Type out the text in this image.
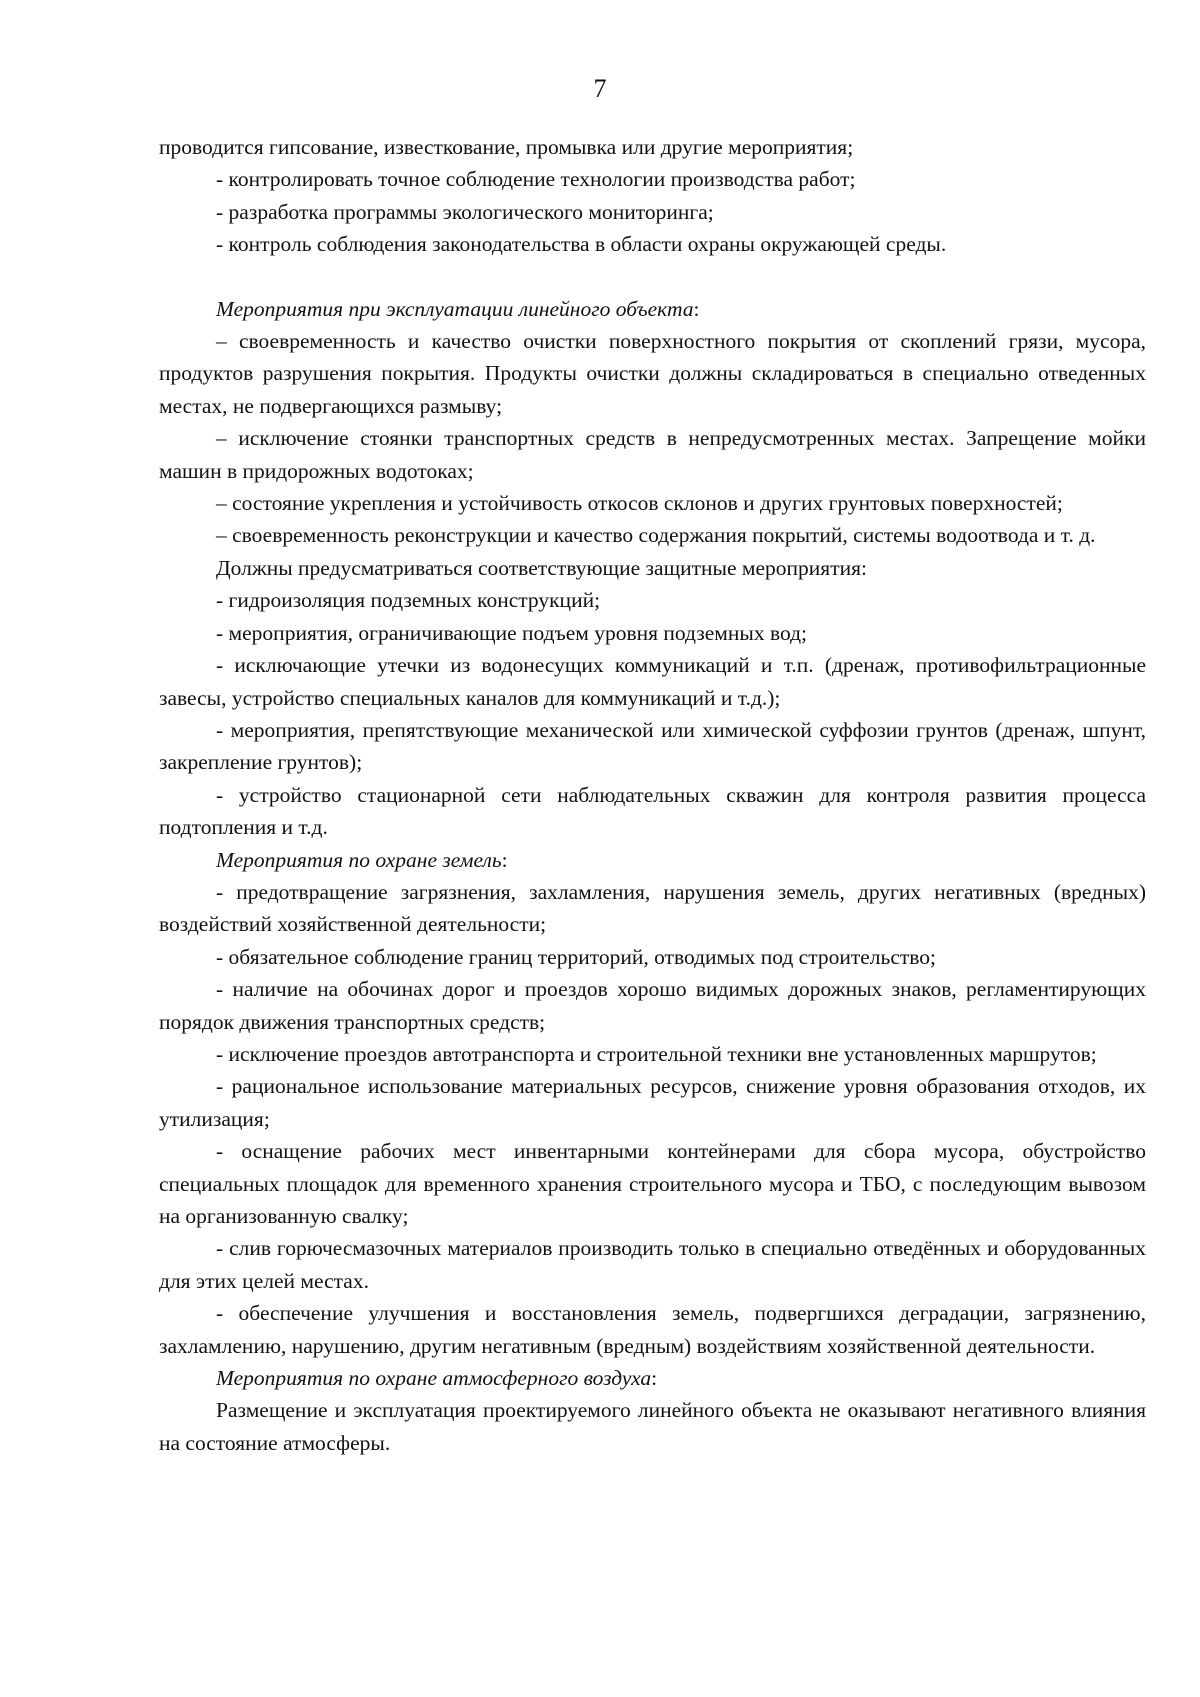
7

проводится гипсование, известкование, промывка или другие мероприятия;

- контролировать точное соблюдение технологии производства работ;

- разработка программы экологического мониторинга;

- контроль соблюдения законодательства в области охраны окружающей среды.

Мероприятия при эксплуатации линейного объекта:

– своевременность и качество очистки поверхностного покрытия от скоплений грязи, мусора, продуктов разрушения покрытия. Продукты очистки должны складироваться в специально отведенных местах, не подвергающихся размыву;

– исключение стоянки транспортных средств в непредусмотренных местах. Запрещение мойки машин в придорожных водотоках;

– состояние укрепления и устойчивость откосов склонов и других грунтовых поверхностей;

– своевременность реконструкции и качество содержания покрытий, системы водоотвода и т. д.

Должны предусматриваться соответствующие защитные мероприятия:

- гидроизоляция подземных конструкций;

- мероприятия, ограничивающие подъем уровня подземных вод;

- исключающие утечки из водонесущих коммуникаций и т.п. (дренаж, противофильтрационные завесы, устройство специальных каналов для коммуникаций и т.д.);

- мероприятия, препятствующие механической или химической суффозии грунтов (дренаж, шпунт, закрепление грунтов);

- устройство стационарной сети наблюдательных скважин для контроля развития процесса подтопления и т.д.

Мероприятия по охране земель:

- предотвращение загрязнения, захламления, нарушения земель, других негативных (вредных) воздействий хозяйственной деятельности;

- обязательное соблюдение границ территорий, отводимых под строительство;

- наличие на обочинах дорог и проездов хорошо видимых дорожных знаков, регламентирующих порядок движения транспортных средств;

- исключение проездов автотранспорта и строительной техники вне установленных маршрутов;

- рациональное использование материальных ресурсов, снижение уровня образования отходов, их утилизация;

- оснащение рабочих мест инвентарными контейнерами для сбора мусора, обустройство специальных площадок для временного хранения строительного мусора и ТБО, с последующим вывозом на организованную свалку;

- слив горючесмазочных материалов производить только в специально отведённых и оборудованных для этих целей местах.

- обеспечение улучшения и восстановления земель, подвергшихся деградации, загрязнению, захламлению, нарушению, другим негативным (вредным) воздействиям хозяйственной деятельности.

Мероприятия по охране атмосферного воздуха:

Размещение и эксплуатация проектируемого линейного объекта не оказывают негативного влияния на состояние атмосферы.
